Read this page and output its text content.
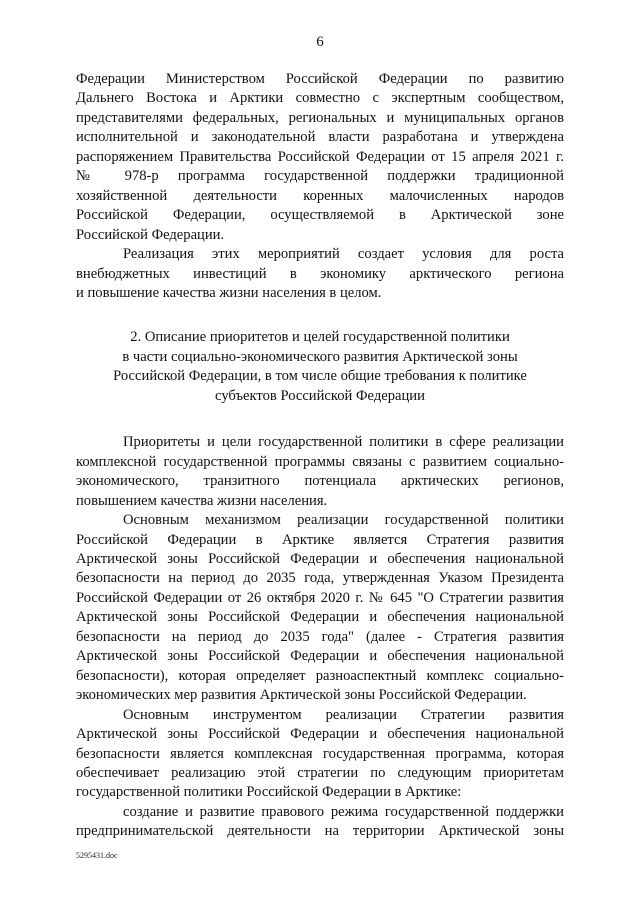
6

Федерации Министерством Российской Федерации по развитию
Дальнего Востока и Арктики совместно с экспертным сообществом,
представителями федеральных, региональных и муниципальных органов
исполнительной и законодательной власти разработана и утверждена
распоряжением Правительства Российской Федерации от 15 апреля 2021 г.
№ 978-р программа государственной поддержки традиционной
хозяйственной деятельности коренных малочисленных народов
Российской Федерации, осуществляемой в Арктической зоне
Российской Федерации.

Реализация этих мероприятий создает условия для роста
внебюджетных инвестиций в экономику арктического региона
и повышение качества жизни населения в целом.

2. Описание приоритетов и целей государственной политики
в части социально-экономического развития Арктической зоны
Российской Федерации, в том числе общие требования к политике
субъектов Российской Федерации

Приоритеты и цели государственной политики в сфере реализации
комплексной государственной программы связаны с развитием социально-
экономического, транзитного потенциала арктических регионов,
повышением качества жизни населения.

Основным механизмом реализации государственной политики
Российской Федерации в Арктике является Стратегия развития
Арктической зоны Российской Федерации и обеспечения национальной
безопасности на период до 2035 года, утвержденная Указом Президента
Российской Федерации от 26 октября 2020 г. № 645 "О Стратегии развития
Арктической зоны Российской Федерации и обеспечения национальной
безопасности на период до 2035 года" (далее - Стратегия развития
Арктической зоны Российской Федерации и обеспечения национальной
безопасности), которая определяет разноаспектный комплекс социально-
экономических мер развития Арктической зоны Российской Федерации.

Основным инструментом реализации Стратегии развития
Арктической зоны Российской Федерации и обеспечения национальной
безопасности является комплексная государственная программа, которая
обеспечивает реализацию этой стратегии по следующим приоритетам
государственной политики Российской Федерации в Арктике:

создание и развитие правового режима государственной поддержки
предпринимательской деятельности на территории Арктической зоны

5295431.doc
